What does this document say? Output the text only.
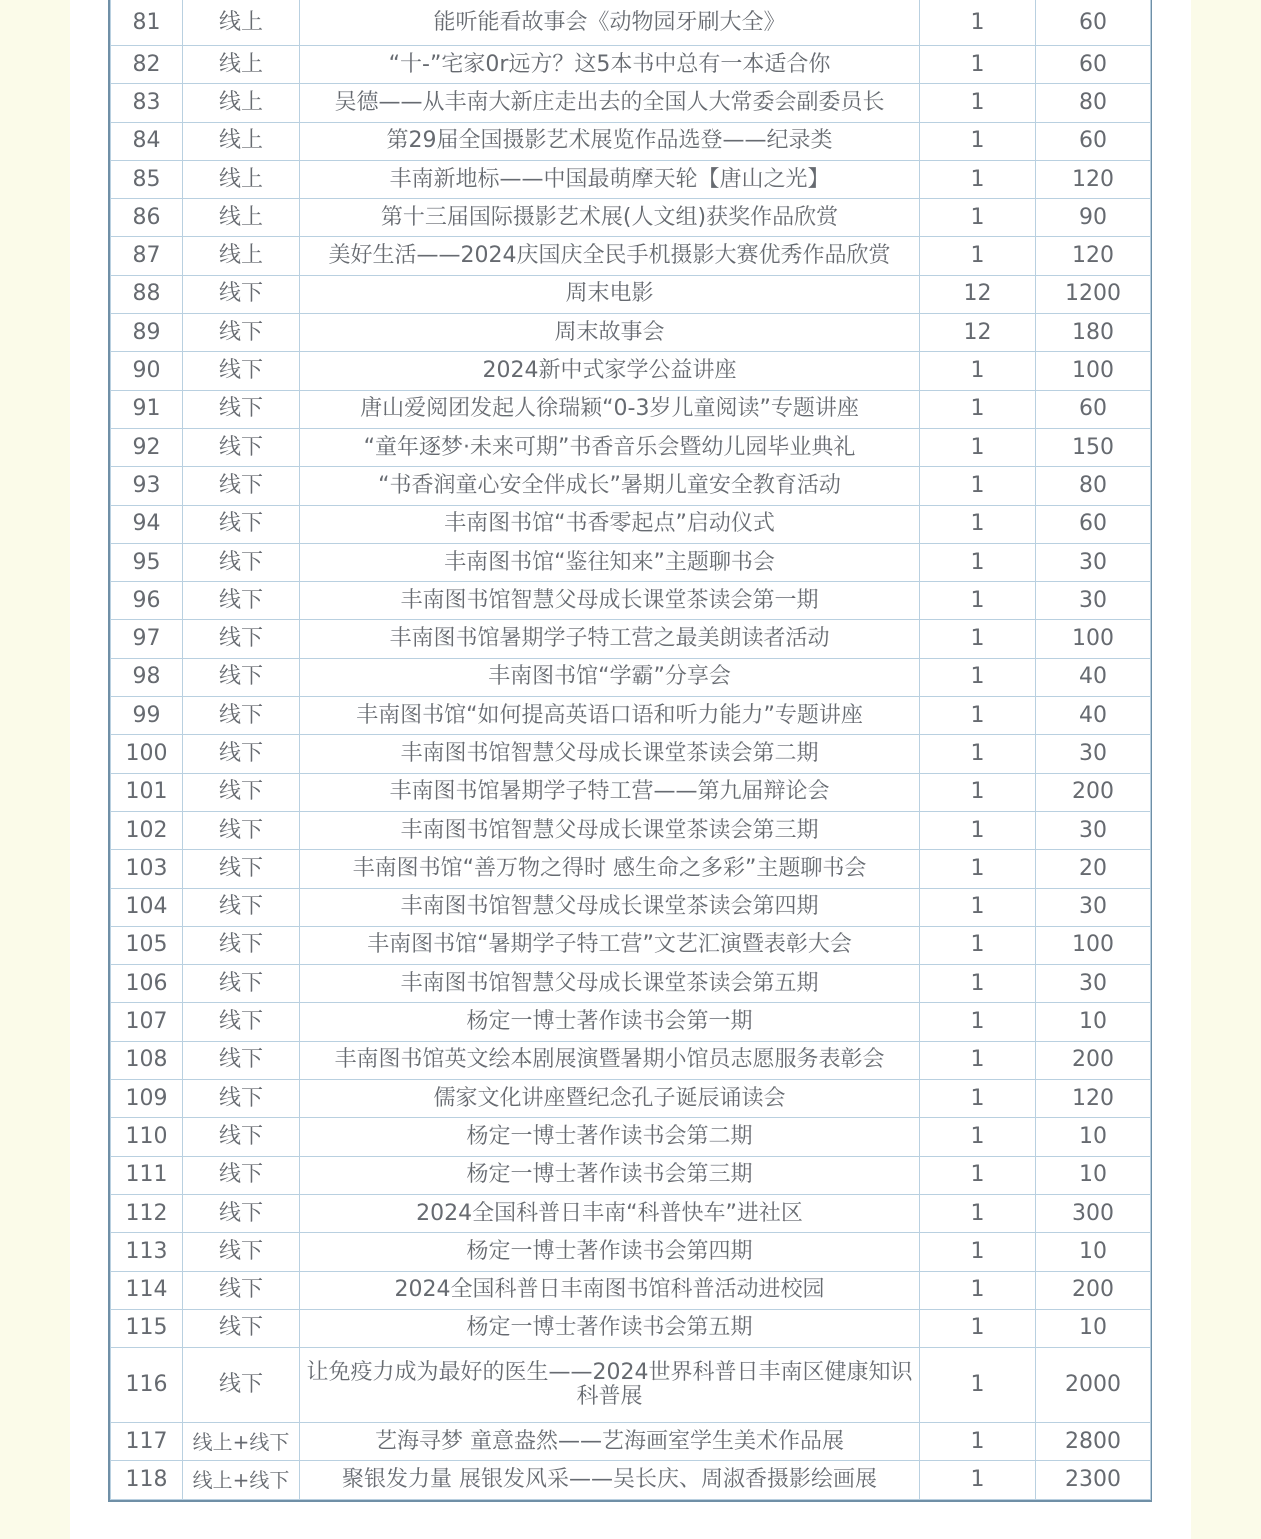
81	线上	能听能看故事会《动物园牙刷大全》	1	60
82	线上	“十-”宅家0r远方？这5本书中总有一本适合你	1	60
83	线上	吴德——从丰南大新庄走出去的全国人大常委会副委员长	1	80
84	线上	第29届全国摄影艺术展览作品选登——纪录类	1	60
85	线上	丰南新地标——中国最萌摩天轮【唐山之光】	1	120
86	线上	第十三届国际摄影艺术展(人文组)获奖作品欣赏	1	90
87	线上	美好生活——2024庆国庆全民手机摄影大赛优秀作品欣赏	1	120
88	线下	周末电影	12	1200
89	线下	周末故事会	12	180
90	线下	2024新中式家学公益讲座	1	100
91	线下	唐山爱阅团发起人徐瑞颖“0-3岁儿童阅读”专题讲座	1	60
92	线下	“童年逐梦·未来可期”书香音乐会暨幼儿园毕业典礼	1	150
93	线下	“书香润童心安全伴成长”暑期儿童安全教育活动	1	80
94	线下	丰南图书馆“书香零起点”启动仪式	1	60
95	线下	丰南图书馆“鉴往知来”主题聊书会	1	30
96	线下	丰南图书馆智慧父母成长课堂茶读会第一期	1	30
97	线下	丰南图书馆暑期学子特工营之最美朗读者活动	1	100
98	线下	丰南图书馆“学霸”分享会	1	40
99	线下	丰南图书馆“如何提高英语口语和听力能力”专题讲座	1	40
100	线下	丰南图书馆智慧父母成长课堂茶读会第二期	1	30
101	线下	丰南图书馆暑期学子特工营——第九届辩论会	1	200
102	线下	丰南图书馆智慧父母成长课堂茶读会第三期	1	30
103	线下	丰南图书馆“善万物之得时 感生命之多彩”主题聊书会	1	20
104	线下	丰南图书馆智慧父母成长课堂茶读会第四期	1	30
105	线下	丰南图书馆“暑期学子特工营”文艺汇演暨表彰大会	1	100
106	线下	丰南图书馆智慧父母成长课堂茶读会第五期	1	30
107	线下	杨定一博士著作读书会第一期	1	10
108	线下	丰南图书馆英文绘本剧展演暨暑期小馆员志愿服务表彰会	1	200
109	线下	儒家文化讲座暨纪念孔子诞辰诵读会	1	120
110	线下	杨定一博士著作读书会第二期	1	10
111	线下	杨定一博士著作读书会第三期	1	10
112	线下	2024全国科普日丰南“科普快车”进社区	1	300
113	线下	杨定一博士著作读书会第四期	1	10
114	线下	2024全国科普日丰南图书馆科普活动进校园	1	200
115	线下	杨定一博士著作读书会第五期	1	10
116	线下	让免疫力成为最好的医生——2024世界科普日丰南区健康知识科普展	1	2000
117	线上+线下	艺海寻梦 童意盎然——艺海画室学生美术作品展	1	2800
118	线上+线下	聚银发力量 展银发风采——吴长庆、周淑香摄影绘画展	1	2300
